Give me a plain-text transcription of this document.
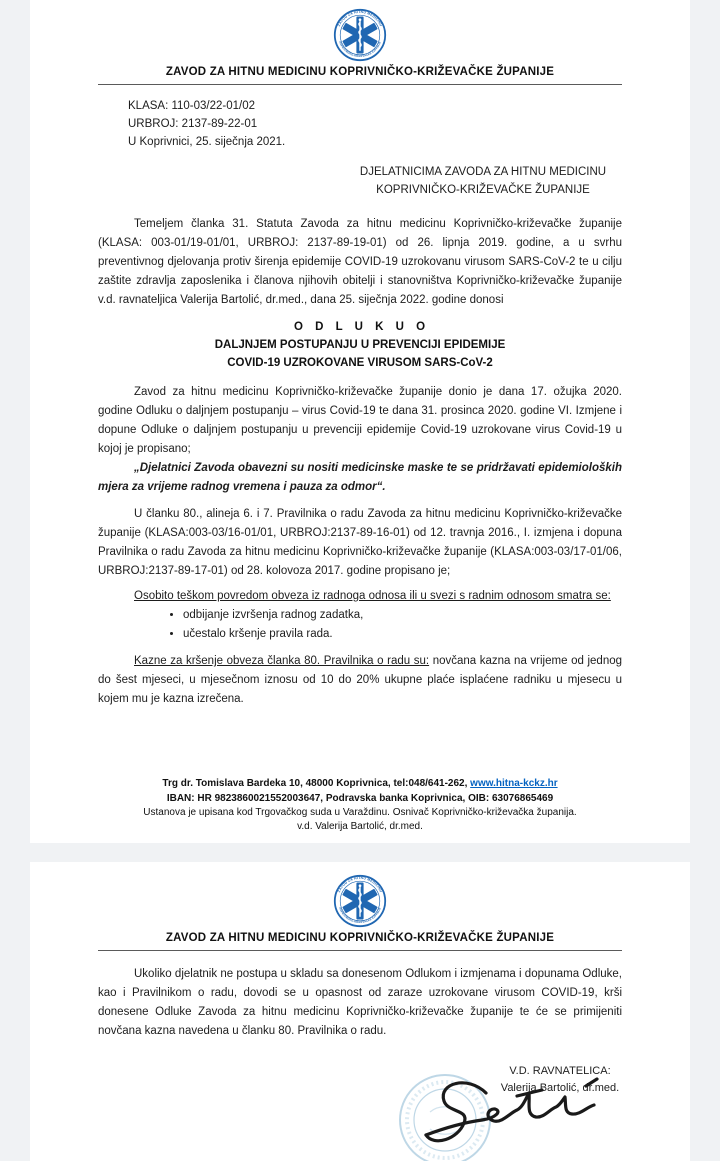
ZAVOD ZA HITNU MEDICINU KOPRIVNIČKO-KRIŽEVAČKE ŽUPANIJE
KLASA: 110-03/22-01/02
URBROJ: 2137-89-22-01
U Koprivnici, 25. siječnja 2021.
DJELATNICIMA ZAVODA ZA HITNU MEDICINU
KOPRIVNIČKO-KRIŽEVAČKE ŽUPANIJE

Temeljem članka 31. Statuta Zavoda za hitnu medicinu Koprivničko-križevačke županije (KLASA: 003-01/19-01/01, URBROJ: 2137-89-19-01) od 26. lipnja 2019. godine, a u svrhu preventivnog djelovanja protiv širenja epidemije COVID-19 uzrokovanu virusom SARS-CoV-2 te u cilju zaštite zdravlja zaposlenika i članova njihovih obitelji i stanovništva Koprivničko-križevačke županije v.d. ravnateljica Valerija Bartolić, dr.med., dana 25. siječnja 2022. godine donosi

O D L U K U O
DALJNJEM POSTUPANJU U PREVENCIJI EPIDEMIJE
COVID-19 UZROKOVANE VIRUSOM SARS-CoV-2

Zavod za hitnu medicinu Koprivničko-križevačke županije donio je dana 17. ožujka 2020. godine Odluku o daljnjem postupanju – virus Covid-19 te dana 31. prosinca 2020. godine VI. Izmjene i dopune Odluke o daljnjem postupanju u prevenciji epidemije Covid-19 uzrokovane virus Covid-19 u kojoj je propisano;

„Djelatnici Zavoda obavezni su nositi medicinske maske te se pridržavati epidemioloških mjera za vrijeme radnog vremena i pauza za odmor“.

U članku 80., alineja 6. i 7. Pravilnika o radu Zavoda za hitnu medicinu Koprivničko-križevačke županije (KLASA:003-03/16-01/01, URBROJ:2137-89-16-01) od 12. travnja 2016., I. izmjena i dopuna Pravilnika o radu Zavoda za hitnu medicinu Koprivničko-križevačke županije (KLASA:003-03/17-01/06, URBROJ:2137-89-17-01) od 28. kolovoza 2017. godine propisano je;

Osobito teškom povredom obveza iz radnoga odnosa ili u svezi s radnim odnosom smatra se:

• odbijanje izvršenja radnog zadatka,
• učestalo kršenje pravila rada.

Kazne za kršenje obveza članka 80. Pravilnika o radu su: novčana kazna na vrijeme od jednog do šest mjeseci, u mjesečnom iznosu od 10 do 20% ukupne plaće isplaćene radniku u mjesecu u kojem mu je kazna izrečena.

Trg dr. Tomislava Bardeka 10, 48000 Koprivnica, tel:048/641-262, www.hitna-kckz.hr
IBAN: HR 9823860021552003647, Podravska banka Koprivnica, OIB: 63076865469
Ustanova je upisana kod Trgovačkog suda u Varaždinu. Osnivač Koprivničko-križevačka županija.
v.d. Valerija Bartolić, dr.med.
ZAVOD ZA HITNU MEDICINU KOPRIVNIČKO-KRIŽEVAČKE ŽUPANIJE

Ukoliko djelatnik ne postupa u skladu sa donesenom Odlukom i izmjenama i dopunama Odluke, kao i Pravilnikom o radu, dovodi se u opasnost od zaraze uzrokovane virusom COVID-19, krši donesene Odluke Zavoda za hitnu medicinu Koprivničko-križevačke županije te će se primijeniti novčana kazna navedena u članku 80. Pravilnika o radu.

V.D. RAVNATELICA:
Valerija Bartolić, dr.med.
